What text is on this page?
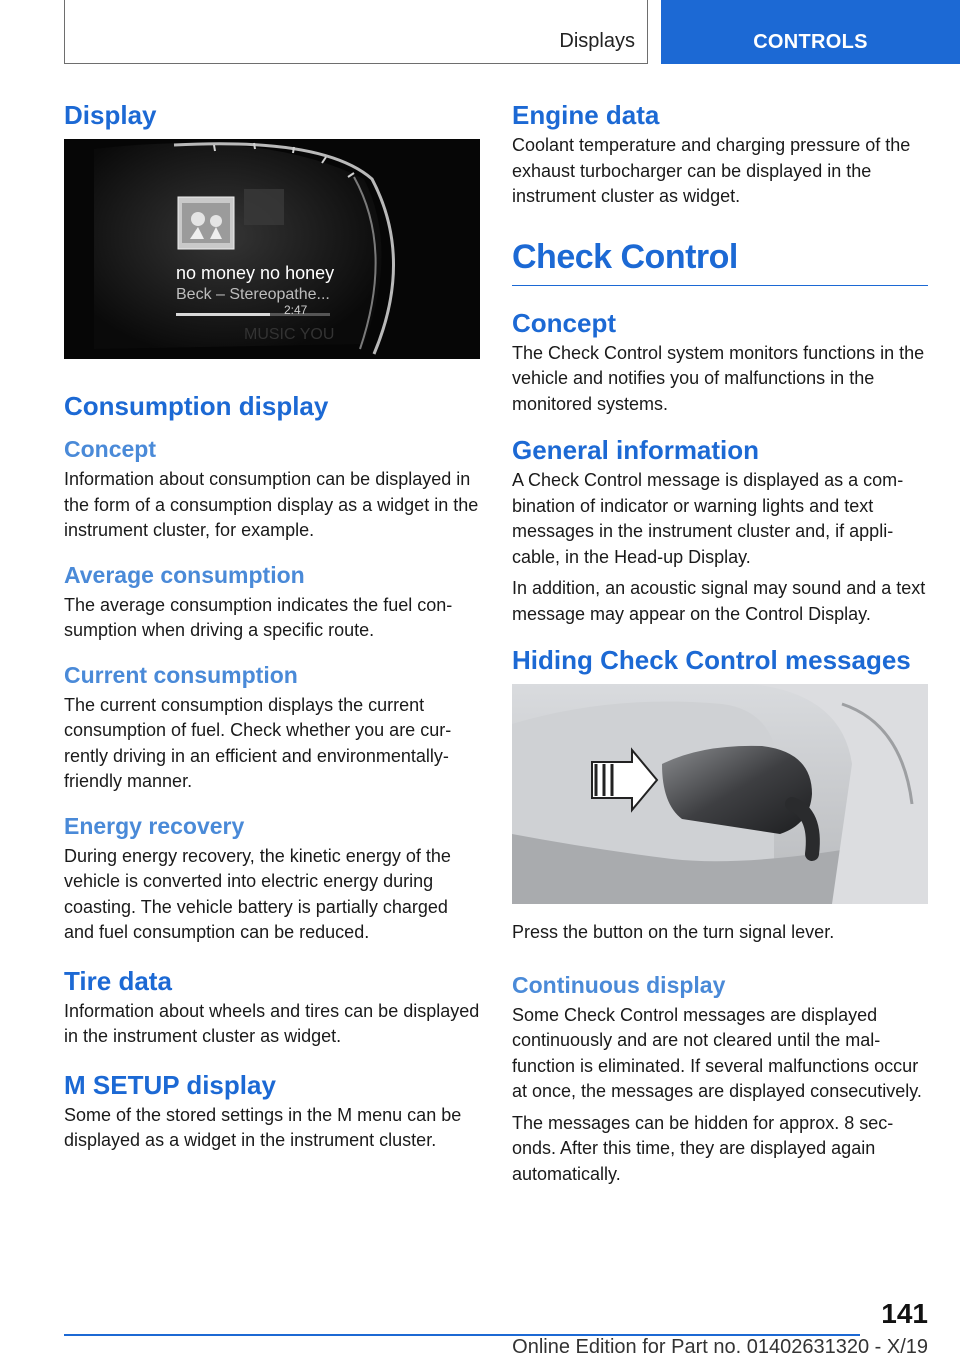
Displays	CONTROLS
Display
no money no honey
Beck – Stereopathe...
2:47
MUSIC YOU
Consumption display
Concept

Information about consumption can be displayed in the form of a consumption display as a widget in the instrument cluster, for example.

Average consumption

The average consumption indicates the fuel consumption when driving a specific route.

Current consumption

The current consumption displays the current consumption of fuel. Check whether you are currently driving in an efficient and environmentally-friendly manner.

Energy recovery

During energy recovery, the kinetic energy of the vehicle is converted into electric energy during coasting. The vehicle battery is partially charged and fuel consumption can be reduced.

Tire data

Information about wheels and tires can be displayed in the instrument cluster as widget.

M SETUP display

Some of the stored settings in the M menu can be displayed as a widget in the instrument cluster.

Engine data

Coolant temperature and charging pressure of the exhaust turbocharger can be displayed in the instrument cluster as widget.

Check Control
Concept

The Check Control system monitors functions in the vehicle and notifies you of malfunctions in the monitored systems.

General information

A Check Control message is displayed as a combination of indicator or warning lights and text messages in the instrument cluster and, if applicable, in the Head-up Display.

In addition, an acoustic signal may sound and a text message may appear on the Control Display.

Hiding Check Control messages

Press the button on the turn signal lever.

Continuous display

Some Check Control messages are displayed continuously and are not cleared until the malfunction is eliminated. If several malfunctions occur at once, the messages are displayed consecutively.

The messages can be hidden for approx. 8 seconds. After this time, they are displayed again automatically.

141
Online Edition for Part no. 01402631320 - X/19
